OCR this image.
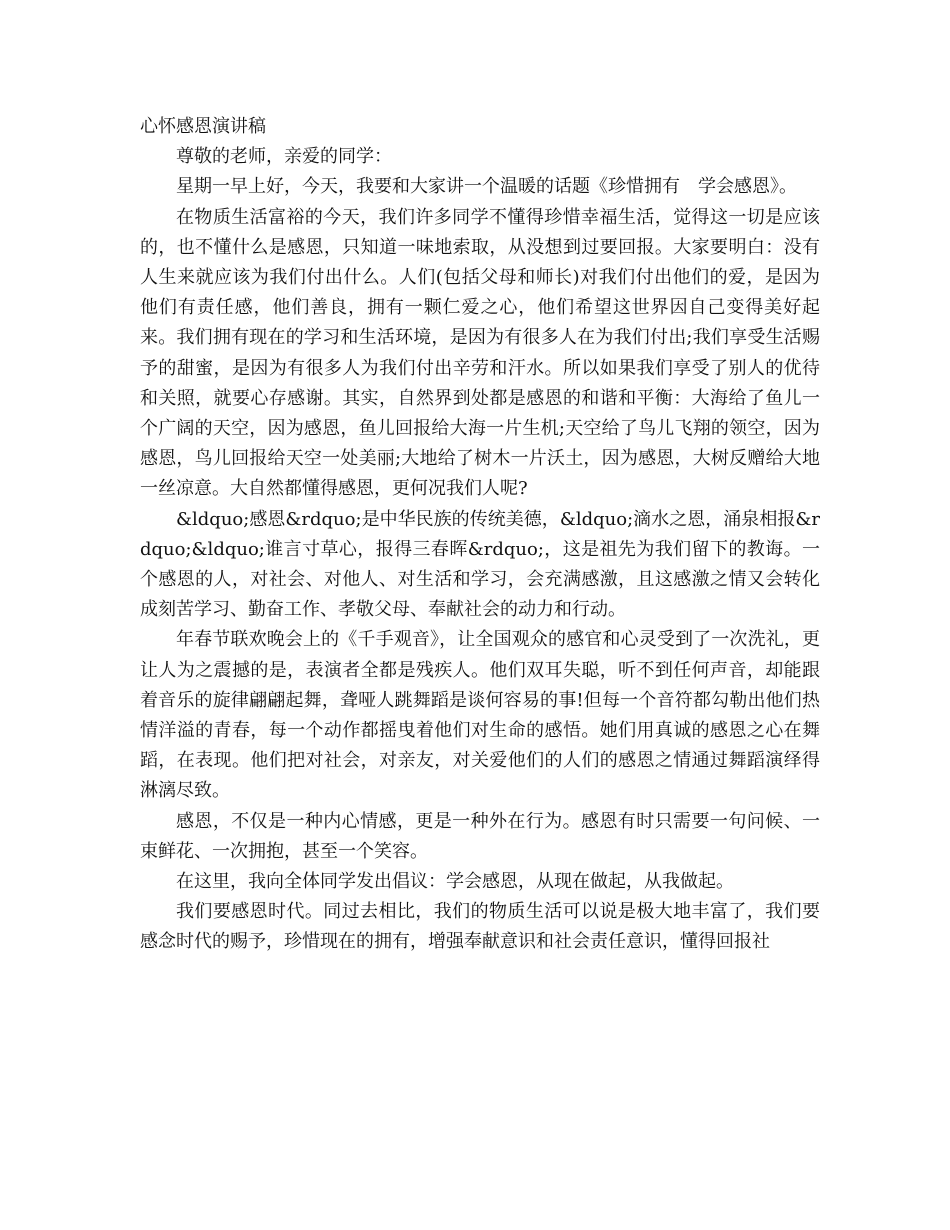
心怀感恩演讲稿

尊敬的老师，亲爱的同学：

星期一早上好，今天，我要和大家讲一个温暖的话题《珍惜拥有　学会感恩》。

在物质生活富裕的今天，我们许多同学不懂得珍惜幸福生活，觉得这一切是应该的，也不懂什么是感恩，只知道一味地索取，从没想到过要回报。大家要明白：没有人生来就应该为我们付出什么。人们(包括父母和师长)对我们付出他们的爱，是因为他们有责任感，他们善良，拥有一颗仁爱之心，他们希望这世界因自己变得美好起来。我们拥有现在的学习和生活环境，是因为有很多人在为我们付出;我们享受生活赐予的甜蜜，是因为有很多人为我们付出辛劳和汗水。所以如果我们享受了别人的优待和关照，就要心存感谢。其实，自然界到处都是感恩的和谐和平衡：大海给了鱼儿一个广阔的天空，因为感恩，鱼儿回报给大海一片生机;天空给了鸟儿飞翔的领空，因为感恩，鸟儿回报给天空一处美丽;大地给了树木一片沃土，因为感恩，大树反赠给大地一丝凉意。大自然都懂得感恩，更何况我们人呢?

&ldquo;感恩&rdquo;是中华民族的传统美德，&ldquo;滴水之恩，涌泉相报&rdquo;&ldquo;谁言寸草心，报得三春晖&rdquo;，这是祖先为我们留下的教诲。一个感恩的人，对社会、对他人、对生活和学习，会充满感激，且这感激之情又会转化成刻苦学习、勤奋工作、孝敬父母、奉献社会的动力和行动。

年春节联欢晚会上的《千手观音》，让全国观众的感官和心灵受到了一次洗礼，更让人为之震撼的是，表演者全都是残疾人。他们双耳失聪，听不到任何声音，却能跟着音乐的旋律翩翩起舞，聋哑人跳舞蹈是谈何容易的事!但每一个音符都勾勒出他们热情洋溢的青春，每一个动作都摇曳着他们对生命的感悟。她们用真诚的感恩之心在舞蹈，在表现。他们把对社会，对亲友，对关爱他们的人们的感恩之情通过舞蹈演绎得淋漓尽致。

感恩，不仅是一种内心情感，更是一种外在行为。感恩有时只需要一句问候、一束鲜花、一次拥抱，甚至一个笑容。

在这里，我向全体同学发出倡议：学会感恩，从现在做起，从我做起。

我们要感恩时代。同过去相比，我们的物质生活可以说是极大地丰富了，我们要感念时代的赐予，珍惜现在的拥有，增强奉献意识和社会责任意识，懂得回报社
